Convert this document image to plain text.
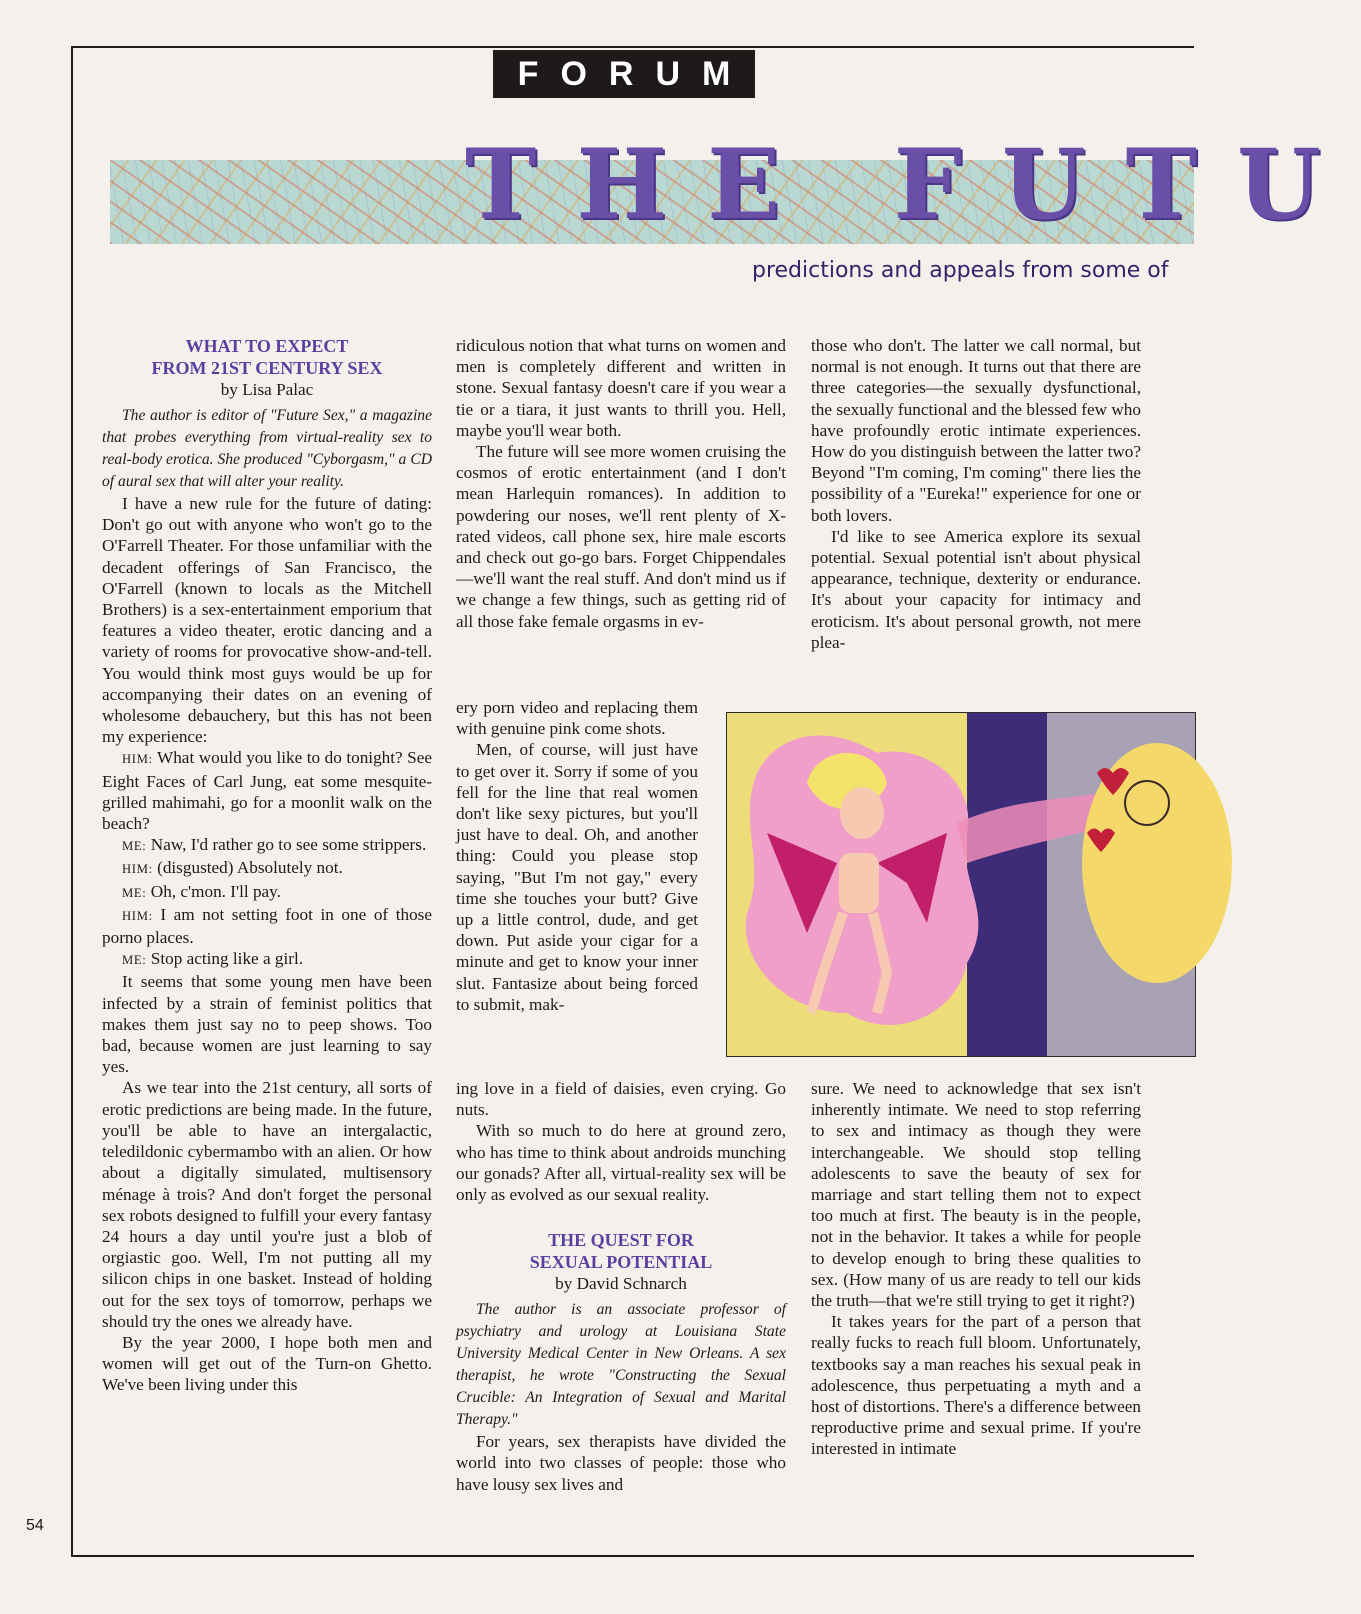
FORUM
THE FUTU
predictions and appeals from some of
WHAT TO EXPECT
FROM 21ST CENTURY SEX
by Lisa Palac

The author is editor of "Future Sex," a magazine that probes everything from virtual-reality sex to real-body erotica. She produced "Cyborgasm," a CD of aural sex that will alter your reality.

I have a new rule for the future of dating: Don't go out with anyone who won't go to the O'Farrell Theater. For those unfamiliar with the decadent offerings of San Francisco, the O'Farrell (known to locals as the Mitchell Brothers) is a sex-entertainment emporium that features a video theater, erotic dancing and a variety of rooms for provocative show-and-tell. You would think most guys would be up for accompanying their dates on an evening of wholesome debauchery, but this has not been my experience:

HIM: What would you like to do tonight? See Eight Faces of Carl Jung, eat some mesquite-grilled mahimahi, go for a moonlit walk on the beach?

ME: Naw, I'd rather go to see some strippers.

HIM: (disgusted) Absolutely not.

ME: Oh, c'mon. I'll pay.

HIM: I am not setting foot in one of those porno places.

ME: Stop acting like a girl.

It seems that some young men have been infected by a strain of feminist politics that makes them just say no to peep shows. Too bad, because women are just learning to say yes.

As we tear into the 21st century, all sorts of erotic predictions are being made. In the future, you'll be able to have an intergalactic, teledildonic cybermambo with an alien. Or how about a digitally simulated, multisensory ménage à trois? And don't forget the personal sex robots designed to fulfill your every fantasy 24 hours a day until you're just a blob of orgiastic goo. Well, I'm not putting all my silicon chips in one basket. Instead of holding out for the sex toys of tomorrow, perhaps we should try the ones we already have.

By the year 2000, I hope both men and women will get out of the Turn-on Ghetto. We've been living under this

ridiculous notion that what turns on women and men is completely different and written in stone. Sexual fantasy doesn't care if you wear a tie or a tiara, it just wants to thrill you. Hell, maybe you'll wear both.

The future will see more women cruising the cosmos of erotic entertainment (and I don't mean Harlequin romances). In addition to powdering our noses, we'll rent plenty of X-rated videos, call phone sex, hire male escorts and check out go-go bars. Forget Chippendales—we'll want the real stuff. And don't mind us if we change a few things, such as getting rid of all those fake female orgasms in ev-

ery porn video and replacing them with genuine pink come shots.

Men, of course, will just have to get over it. Sorry if some of you fell for the line that real women don't like sexy pictures, but you'll just have to deal. Oh, and another thing: Could you please stop saying, "But I'm not gay," every time she touches your butt? Give up a little control, dude, and get down. Put aside your cigar for a minute and get to know your inner slut. Fantasize about being forced to submit, mak-

ing love in a field of daisies, even crying. Go nuts.

With so much to do here at ground zero, who has time to think about androids munching our gonads? After all, virtual-reality sex will be only as evolved as our sexual reality.

THE QUEST FOR
SEXUAL POTENTIAL
by David Schnarch

The author is an associate professor of psychiatry and urology at Louisiana State University Medical Center in New Orleans. A sex therapist, he wrote "Constructing the Sexual Crucible: An Integration of Sexual and Marital Therapy."

For years, sex therapists have divided the world into two classes of people: those who have lousy sex lives and

those who don't. The latter we call normal, but normal is not enough. It turns out that there are three categories—the sexually dysfunctional, the sexually functional and the blessed few who have profoundly erotic intimate experiences. How do you distinguish between the latter two? Beyond "I'm coming, I'm coming" there lies the possibility of a "Eureka!" experience for one or both lovers.

I'd like to see America explore its sexual potential. Sexual potential isn't about physical appearance, technique, dexterity or endurance. It's about your capacity for intimacy and eroticism. It's about personal growth, not mere plea-

sure. We need to acknowledge that sex isn't inherently intimate. We need to stop referring to sex and intimacy as though they were interchangeable. We should stop telling adolescents to save the beauty of sex for marriage and start telling them not to expect too much at first. The beauty is in the people, not in the behavior. It takes a while for people to develop enough to bring these qualities to sex. (How many of us are ready to tell our kids the truth—that we're still trying to get it right?)

It takes years for the part of a person that really fucks to reach full bloom. Unfortunately, textbooks say a man reaches his sexual peak in adolescence, thus perpetuating a myth and a host of distortions. There's a difference between reproductive prime and sexual prime. If you're interested in intimate

54
